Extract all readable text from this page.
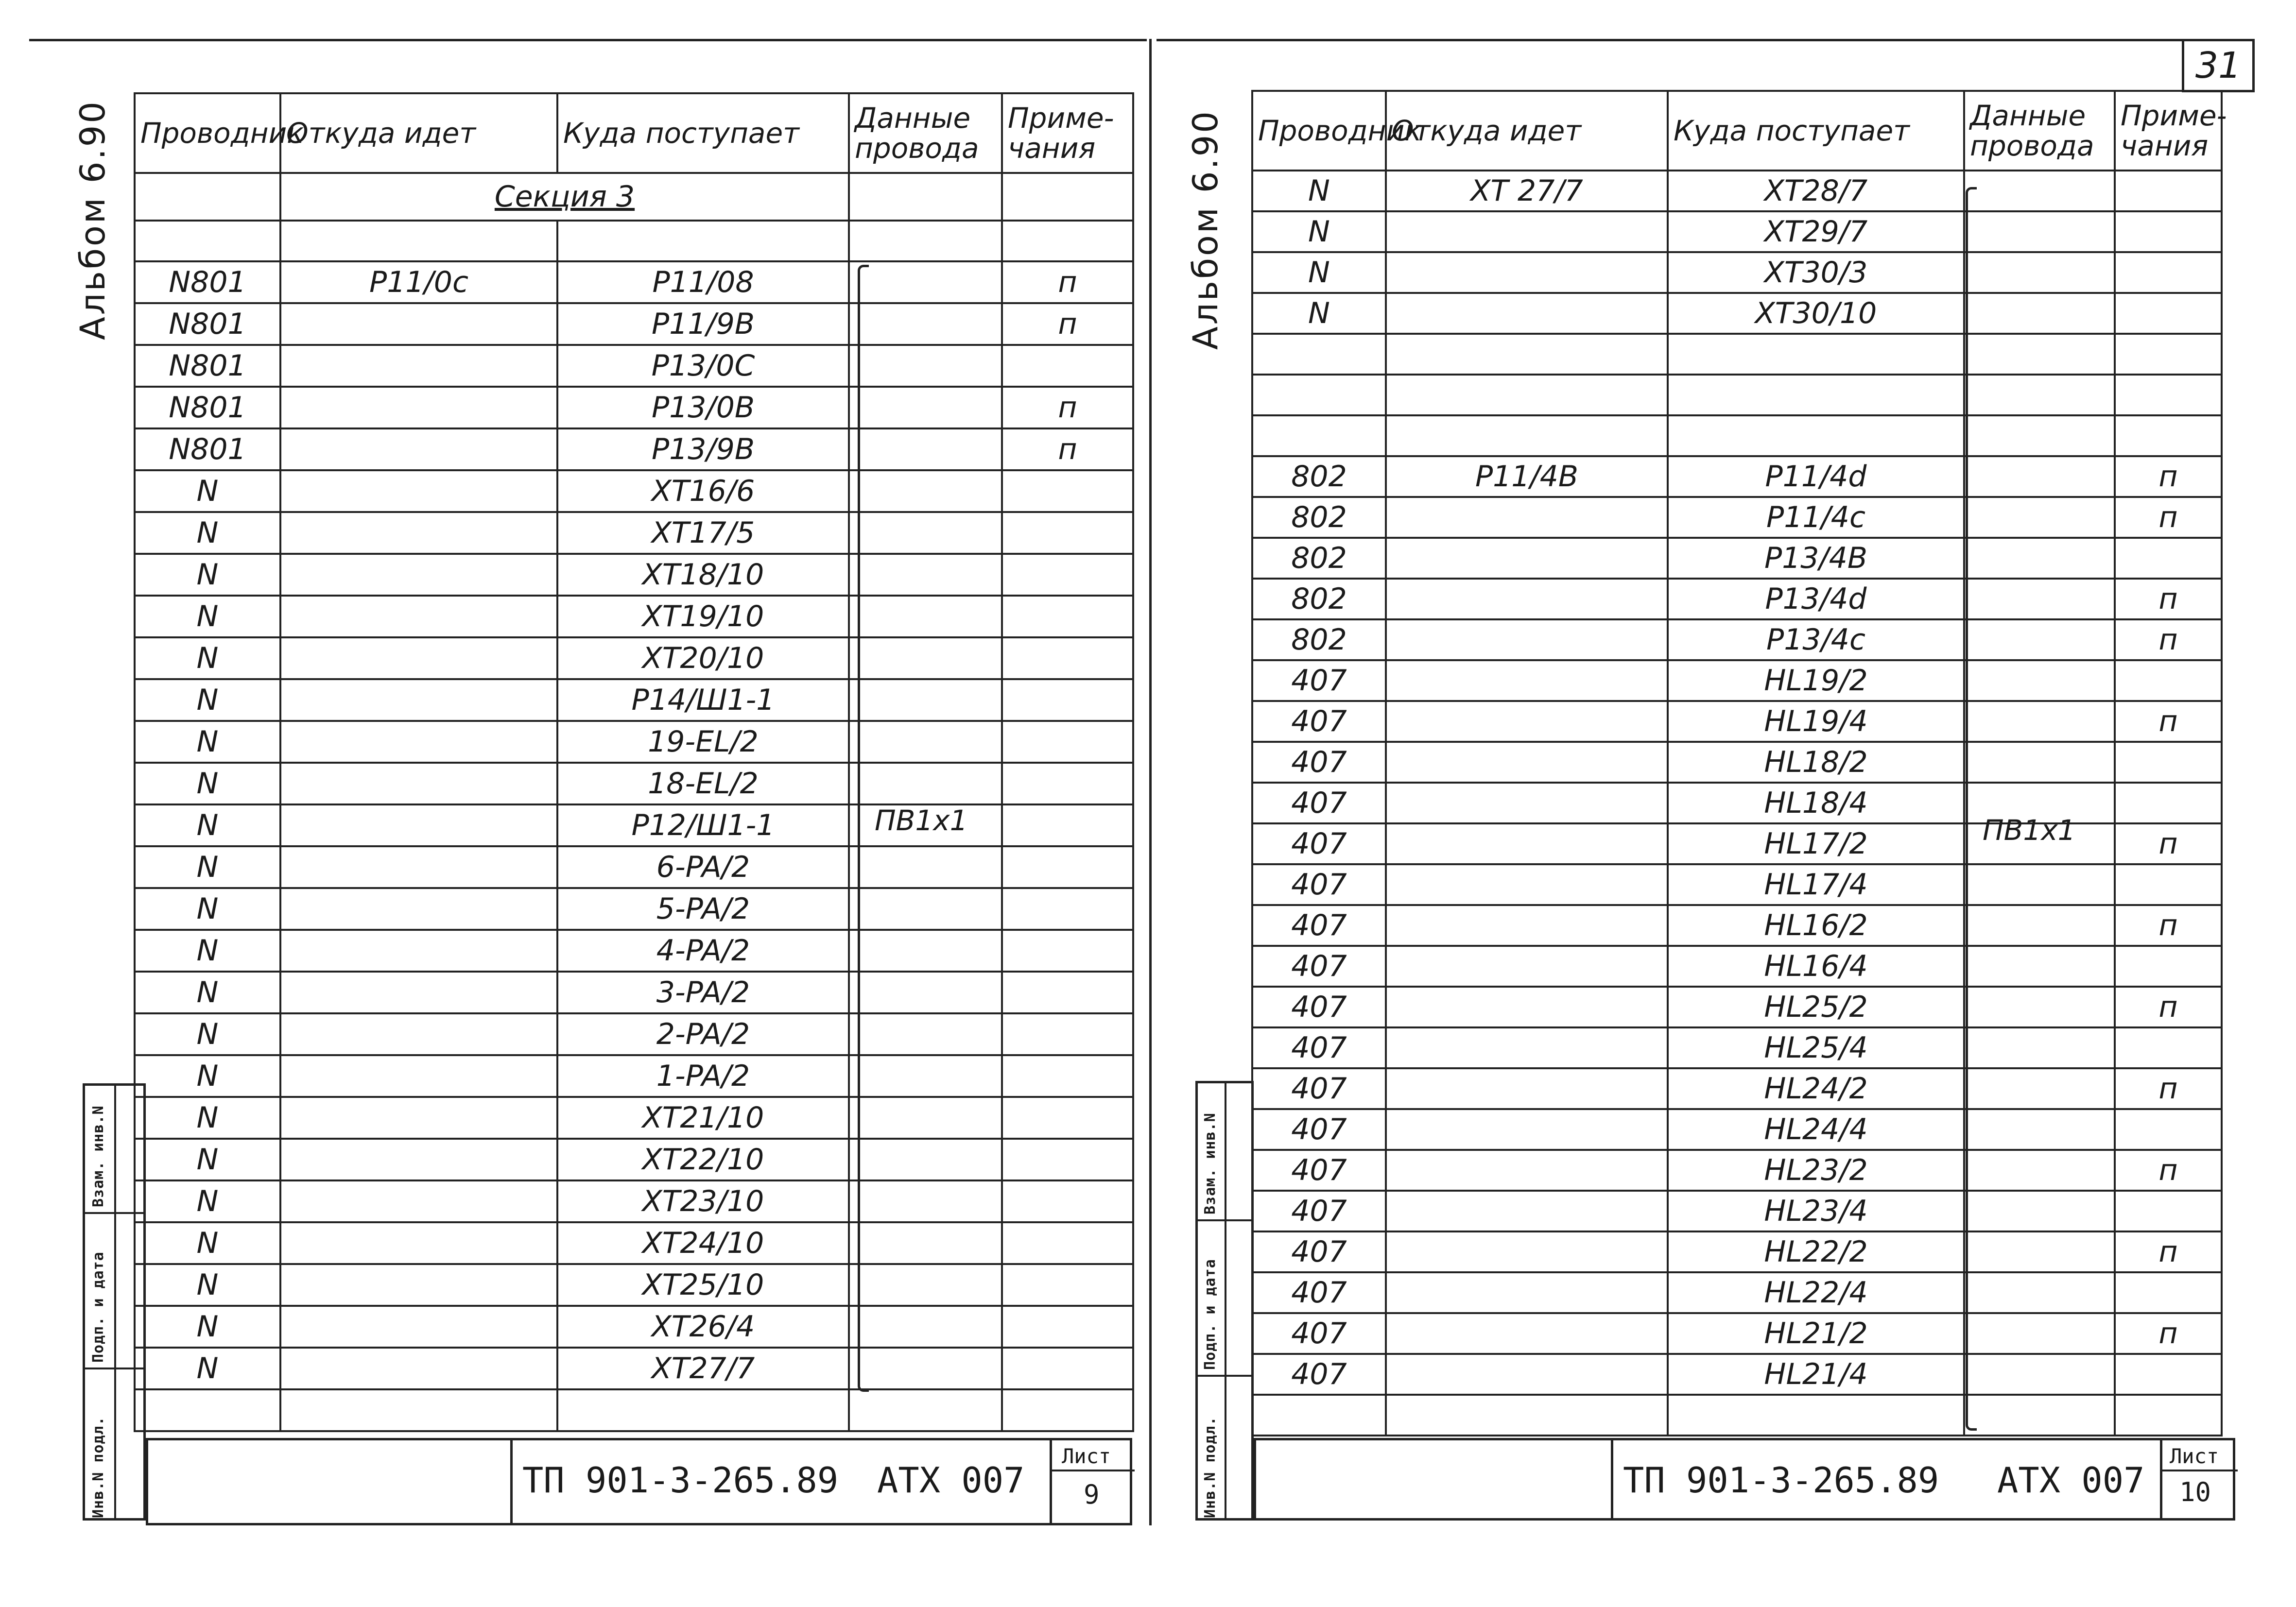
31
Альбом 6.90	Альбом 6.90
Проводник	Откуда идет	Куда поступает	Данные провода	Приме-чания
	Секция 3			

N801	P11/0c	P11/08		п
N801		P11/9B		п
N801		P13/0C		
N801		P13/0B		п
N801		P13/9B		п
N		XT16/6		
N		XT17/5		
N		XT18/10		
N		XT19/10		
N		XT20/10		
N		P14/Ш1-1		
N		19-EL/2		
N		18-EL/2		
N		P12/Ш1-1		
N		6-PA/2		
N		5-PA/2		
N		4-PA/2		
N		3-PA/2		
N		2-PA/2		
N		1-PA/2		
N		XT21/10		
N		XT22/10		
N		XT23/10		
N		XT24/10		
N		XT25/10		
N		XT26/4		
N		XT27/7		

ПВ1х1
Инв.N подл.
Подп. и дата
Взам. инв.N
ТП 901-3-265.89 АТХ 007
Лист
9
Проводник	Откуда идет	Куда поступает	Данные провода	Приме-чания
N	XT 27/7	XT28/7		
N		XT29/7		
N		XT30/3		
N		XT30/10		

802	P11/4B	P11/4d		п
802		P11/4c		п
802		P13/4B		
802		P13/4d		п
802		P13/4c		п
407		HL19/2		
407		HL19/4		п
407		HL18/2		
407		HL18/4		
407		HL17/2		п
407		HL17/4		
407		HL16/2		п
407		HL16/4		
407		HL25/2		п
407		HL25/4		
407		HL24/2		п
407		HL24/4		
407		HL23/2		п
407		HL23/4		
407		HL22/2		п
407		HL22/4		
407		HL21/2		п
407		HL21/4		

ПВ1х1
Инв.N подл.
Подп. и дата
Взам. инв.N
ТП 901-3-265.89 АТХ 007
Лист
10
